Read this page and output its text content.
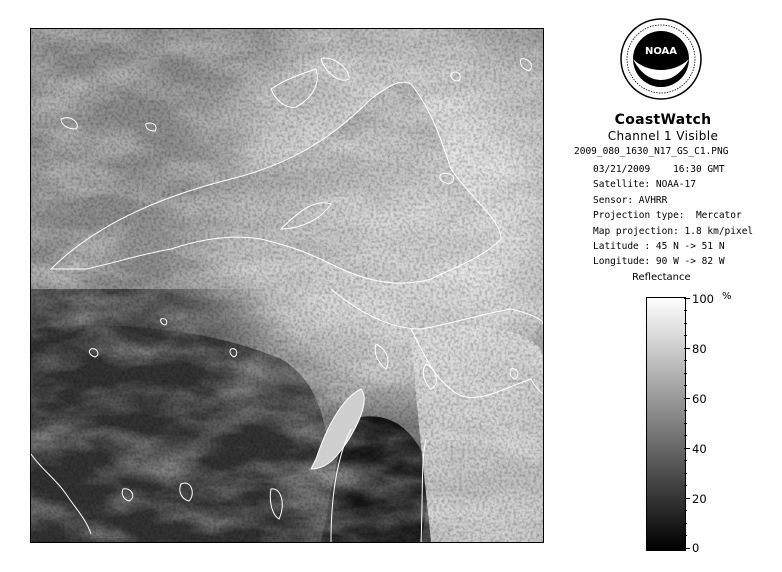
NOAA
CoastWatch
Channel 1 Visible
2009_080_1630_N17_GS_C1.PNG
03/21/2009    16:30 GMT
Satellite: NOAA-17
Sensor: AVHRR
Projection type:  Mercator
Map projection: 1.8 km/pixel
Latitude : 45 N -> 51 N
Longitude: 90 W -> 82 W
Reflectance
%
100
80
60
40
20
0
